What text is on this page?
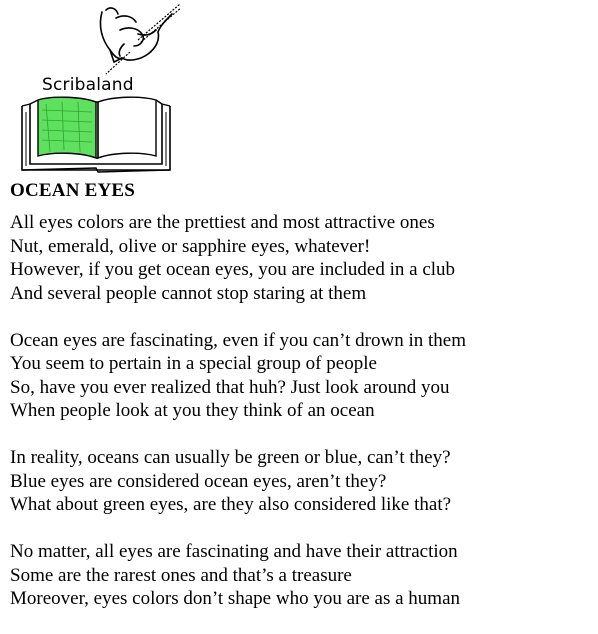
Scribaland
OCEAN EYES
All eyes colors are the prettiest and most attractive ones
Nut, emerald, olive or sapphire eyes, whatever!
However, if you get ocean eyes, you are included in a club
And several people cannot stop staring at them
Ocean eyes are fascinating, even if you can’t drown in them
You seem to pertain in a special group of people
So, have you ever realized that huh? Just look around you
When people look at you they think of an ocean
In reality, oceans can usually be green or blue, can’t they?
Blue eyes are considered ocean eyes, aren’t they?
What about green eyes, are they also considered like that?
No matter, all eyes are fascinating and have their attraction
Some are the rarest ones and that’s a treasure
Moreover, eyes colors don’t shape who you are as a human
